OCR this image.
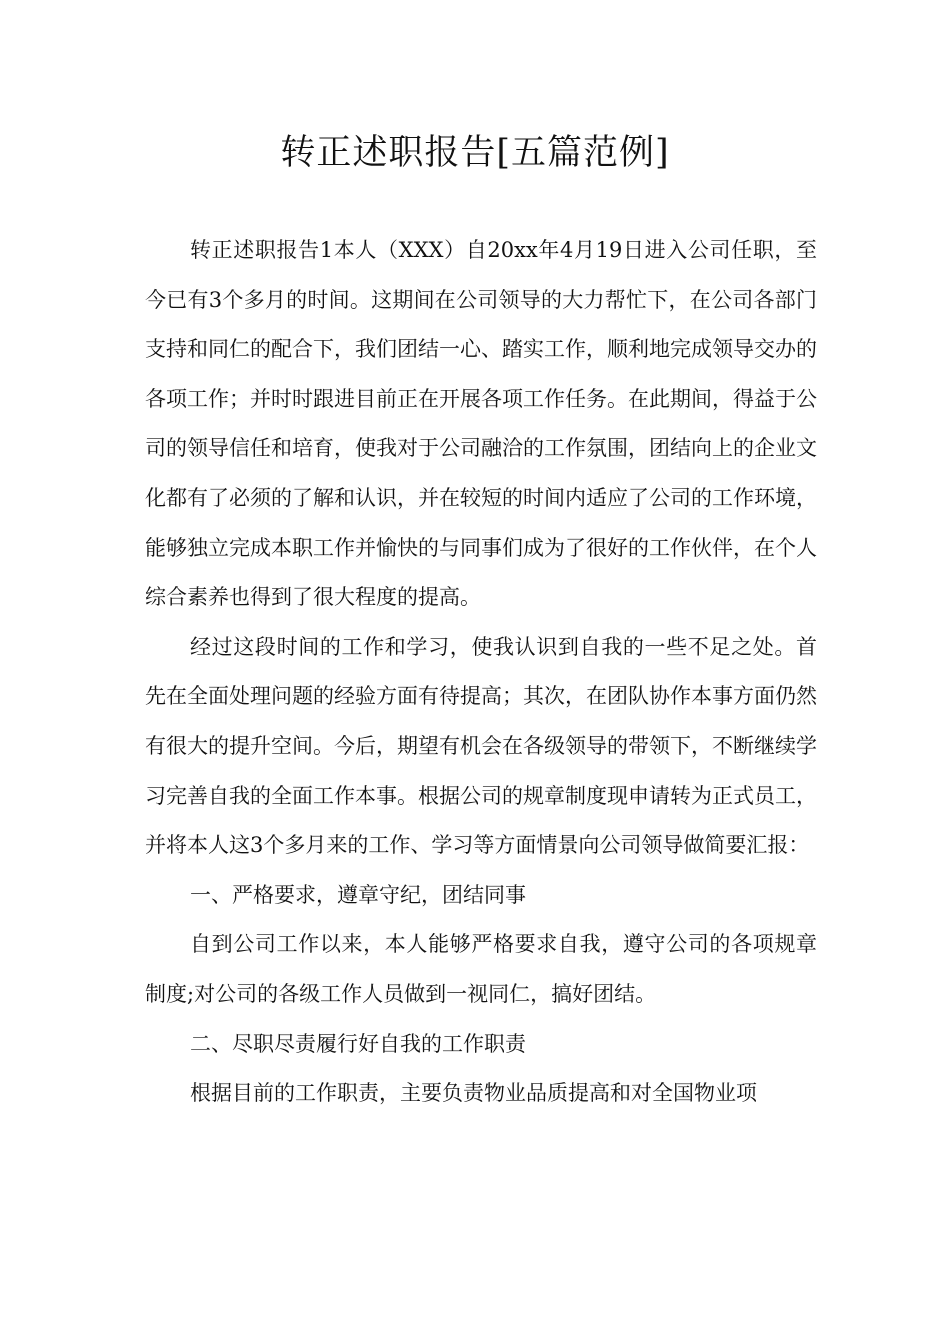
转正述职报告[五篇范例]

转正述职报告1本人（XXX）自20xx年4月19日进入公司任职，至今已有3个多月的时间。这期间在公司领导的大力帮忙下，在公司各部门支持和同仁的配合下，我们团结一心、踏实工作，顺利地完成领导交办的各项工作；并时时跟进目前正在开展各项工作任务。在此期间，得益于公司的领导信任和培育，使我对于公司融洽的工作氛围，团结向上的企业文化都有了必须的了解和认识，并在较短的时间内适应了公司的工作环境，能够独立完成本职工作并愉快的与同事们成为了很好的工作伙伴，在个人综合素养也得到了很大程度的提高。

经过这段时间的工作和学习，使我认识到自我的一些不足之处。首先在全面处理问题的经验方面有待提高；其次，在团队协作本事方面仍然有很大的提升空间。今后，期望有机会在各级领导的带领下，不断继续学习完善自我的全面工作本事。根据公司的规章制度现申请转为正式员工，并将本人这3个多月来的工作、学习等方面情景向公司领导做简要汇报：

一、严格要求，遵章守纪，团结同事

自到公司工作以来，本人能够严格要求自我，遵守公司的各项规章制度;对公司的各级工作人员做到一视同仁，搞好团结。

二、尽职尽责履行好自我的工作职责

根据目前的工作职责，主要负责物业品质提高和对全国物业项
